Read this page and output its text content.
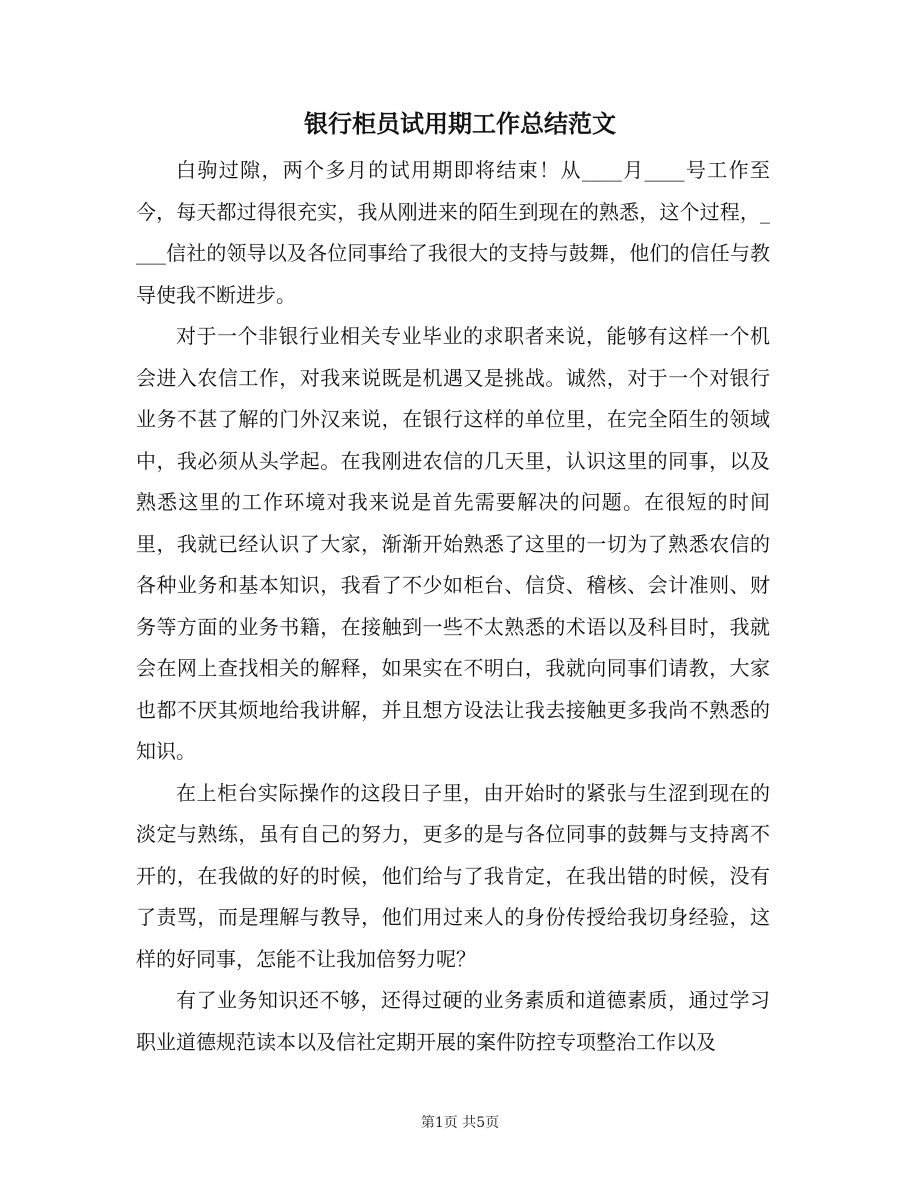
银行柜员试用期工作总结范文

白驹过隙，两个多月的试用期即将结束！从____月____号工作至今，每天都过得很充实，我从刚进来的陌生到现在的熟悉，这个过程，____信社的领导以及各位同事给了我很大的支持与鼓舞，他们的信任与教导使我不断进步。

对于一个非银行业相关专业毕业的求职者来说，能够有这样一个机会进入农信工作，对我来说既是机遇又是挑战。诚然，对于一个对银行业务不甚了解的门外汉来说，在银行这样的单位里，在完全陌生的领域中，我必须从头学起。在我刚进农信的几天里，认识这里的同事，以及熟悉这里的工作环境对我来说是首先需要解决的问题。在很短的时间里，我就已经认识了大家，渐渐开始熟悉了这里的一切为了熟悉农信的各种业务和基本知识，我看了不少如柜台、信贷、稽核、会计准则、财务等方面的业务书籍，在接触到一些不太熟悉的术语以及科目时，我就会在网上查找相关的解释，如果实在不明白，我就向同事们请教，大家也都不厌其烦地给我讲解，并且想方设法让我去接触更多我尚不熟悉的知识。

在上柜台实际操作的这段日子里，由开始时的紧张与生涩到现在的淡定与熟练，虽有自己的努力，更多的是与各位同事的鼓舞与支持离不开的，在我做的好的时候，他们给与了我肯定，在我出错的时候，没有了责骂，而是理解与教导，他们用过来人的身份传授给我切身经验，这样的好同事，怎能不让我加倍努力呢？

有了业务知识还不够，还得过硬的业务素质和道德素质，通过学习职业道德规范读本以及信社定期开展的案件防控专项整治工作以及

第1页 共5页
